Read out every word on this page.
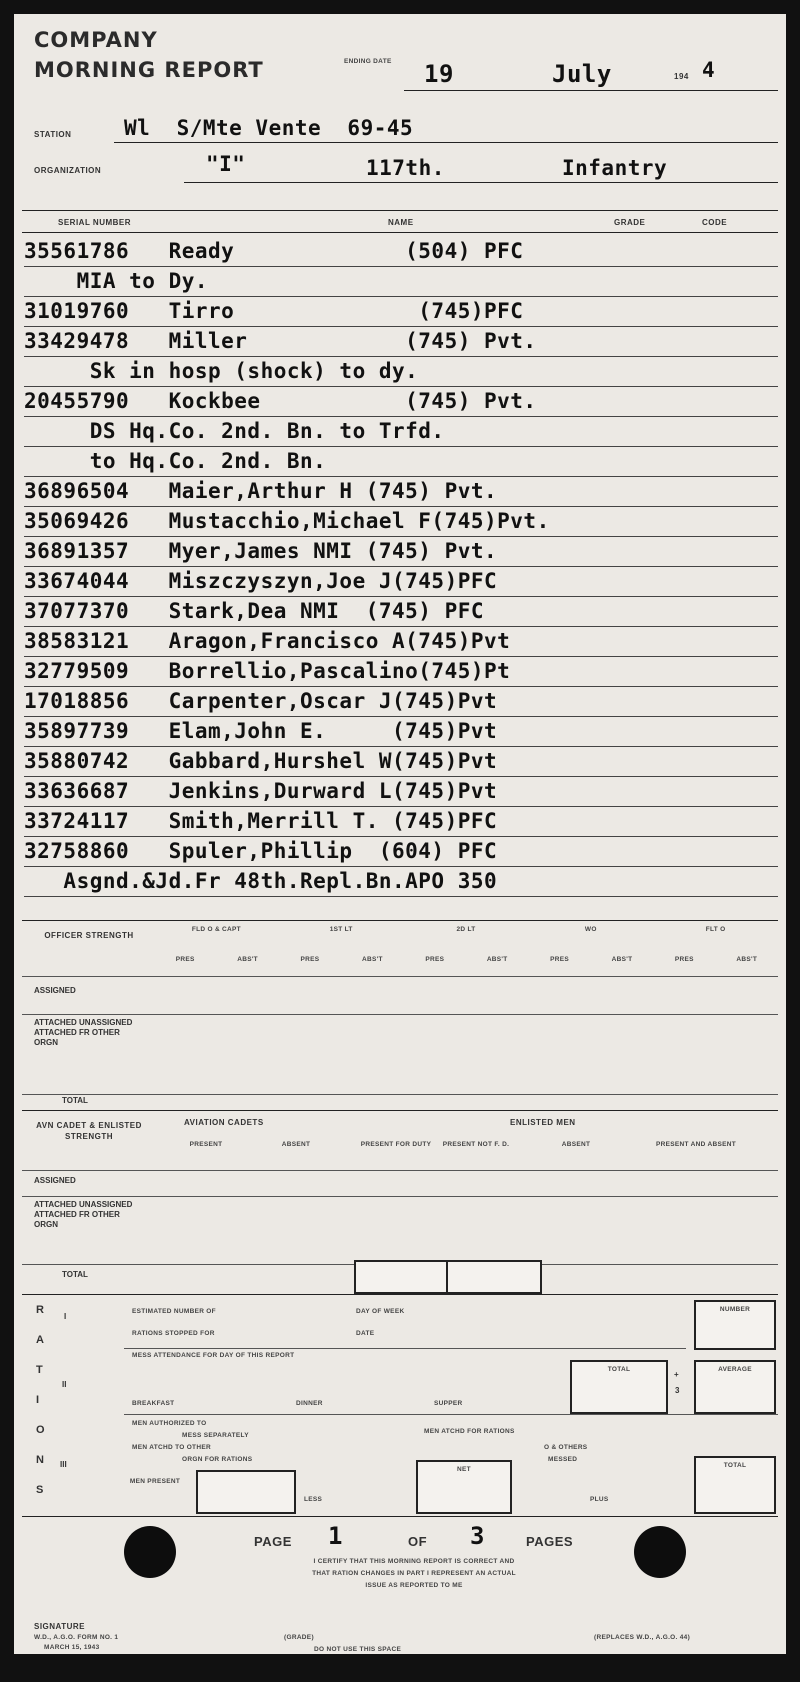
COMPANY
MORNING REPORT	ENDING DATE	19	July	194 4
STATION	Wl  S/Mte Vente  69-45
ORGANIZATION	"I"	117th.	Infantry
SERIAL NUMBER	NAME	GRADE	CODE
35561786   Ready             (504) PFC
MIA to Dy.
31019760   Tirro              (745)PFC
33429478   Miller            (745) Pvt.
Sk in hosp (shock) to dy.
20455790   Kockbee           (745) Pvt.
DS Hq.Co. 2nd. Bn. to Trfd.
to Hq.Co. 2nd. Bn.
36896504   Maier,Arthur H (745) Pvt.
35069426   Mustacchio,Michael F(745)Pvt.
36891357   Myer,James NMI (745) Pvt.
33674044   Miszczyszyn,Joe J(745)PFC
37077370   Stark,Dea NMI  (745) PFC
38583121   Aragon,Francisco A(745)Pvt
32779509   Borrellio,Pascalino(745)Pt
17018856   Carpenter,Oscar J(745)Pvt
35897739   Elam,John E.     (745)Pvt
35880742   Gabbard,Hurshel W(745)Pvt
33636687   Jenkins,Durward L(745)Pvt
33724117   Smith,Merrill T. (745)PFC
32758860   Spuler,Phillip  (604) PFC
Asgnd.&Jd.Fr 48th.Repl.Bn.APO 350
OFFICER STRENGTH
FLD O & CAPT	1ST LT	2D LT	WO	FLT O
PRES	ABS'T	PRES	ABS'T	PRES	ABS'T	PRES	ABS'T	PRES	ABS'T
ASSIGNED
ATTACHED UNASSIGNED ATTACHED FR OTHER ORGN
TOTAL
AVN CADET & ENLISTED STRENGTH
AVIATION CADETS	ENLISTED MEN
PRESENT	ABSENT	PRESENT FOR DUTY	PRESENT NOT F. D.	ABSENT	PRESENT AND ABSENT
ASSIGNED
ATTACHED UNASSIGNED ATTACHED FR OTHER ORGN
TOTAL
R
A
T
I
O
N
S
I
II
III
ESTIMATED NUMBER OF	DAY OF WEEK
RATIONS STOPPED FOR	DATE
NUMBER
MESS ATTENDANCE FOR DAY OF THIS REPORT
TOTAL
+
3
AVERAGE
BREAKFAST	DINNER	SUPPER
MEN AUTHORIZED TO
MESS SEPARATELY
MEN ATCHD TO OTHER
ORGN FOR RATIONS
MEN PRESENT
LESS
MEN ATCHD FOR RATIONS
O & OTHERS
MESSED
NET
PLUS
TOTAL
PAGE 1	OF 3	PAGES
I CERTIFY THAT THIS MORNING REPORT IS CORRECT AND
THAT RATION CHANGES IN PART I REPRESENT AN ACTUAL
ISSUE AS REPORTED TO ME
SIGNATURE
W.D., A.G.O. FORM NO. 1
MARCH 15, 1943
(GRADE)	(REPLACES W.D., A.G.O. 44)
DO NOT USE THIS SPACE
